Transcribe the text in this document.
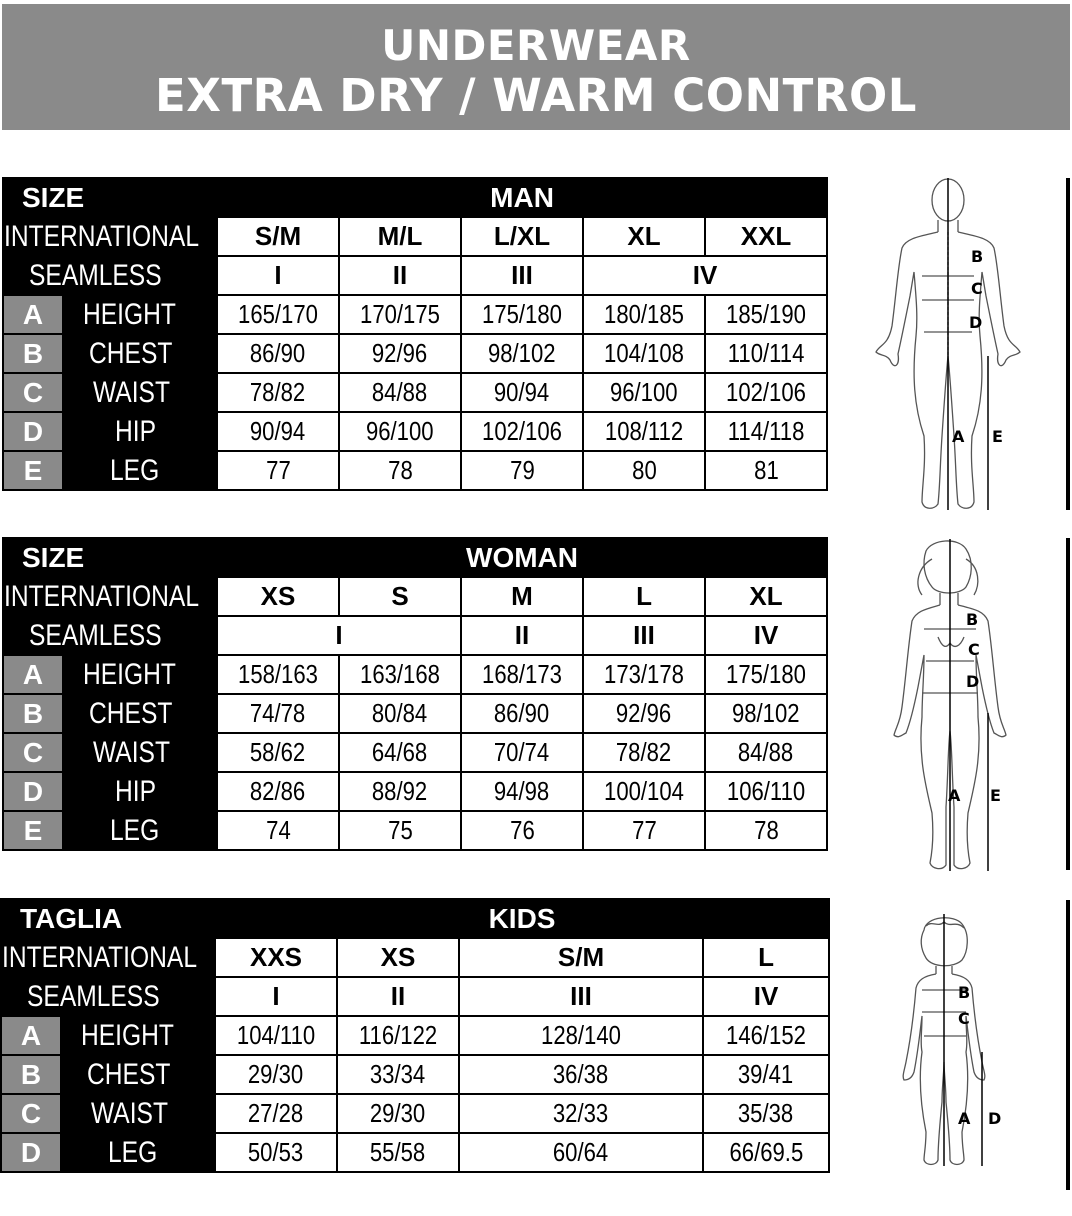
UNDERWEAR
EXTRA DRY / WARM CONTROL
SIZE		MAN				
INTERNATIONAL		S/M	M/L	L/XL	XL	XXL
SEAMLESS		I	II	III	IV	
A	HEIGHT	165/170	170/175	175/180	180/185	185/190
B	CHEST	86/90	92/96	98/102	104/108	110/114
C	WAIST	78/82	84/88	90/94	96/100	102/106
D	HIP	90/94	96/100	102/106	108/112	114/118
E	LEG	77	78	79	80	81
SIZE		WOMAN				
INTERNATIONAL		XS	S	M	L	XL
SEAMLESS		I		II	III	IV
A	HEIGHT	158/163	163/168	168/173	173/178	175/180
B	CHEST	74/78	80/84	86/90	92/96	98/102
C	WAIST	58/62	64/68	70/74	78/82	84/88
D	HIP	82/86	88/92	94/98	100/104	106/110
E	LEG	74	75	76	77	78
TAGLIA		KIDS			
INTERNATIONAL		XXS	XS	S/M	L
SEAMLESS		I	II	III	IV
A	HEIGHT	104/110	116/122	128/140	146/152
B	CHEST	29/30	33/34	36/38	39/41
C	WAIST	27/28	29/30	32/33	35/38
D	LEG	50/53	55/58	60/64	66/69.5
B
C
D
A E
B
C
D
A E
B
C
A D
